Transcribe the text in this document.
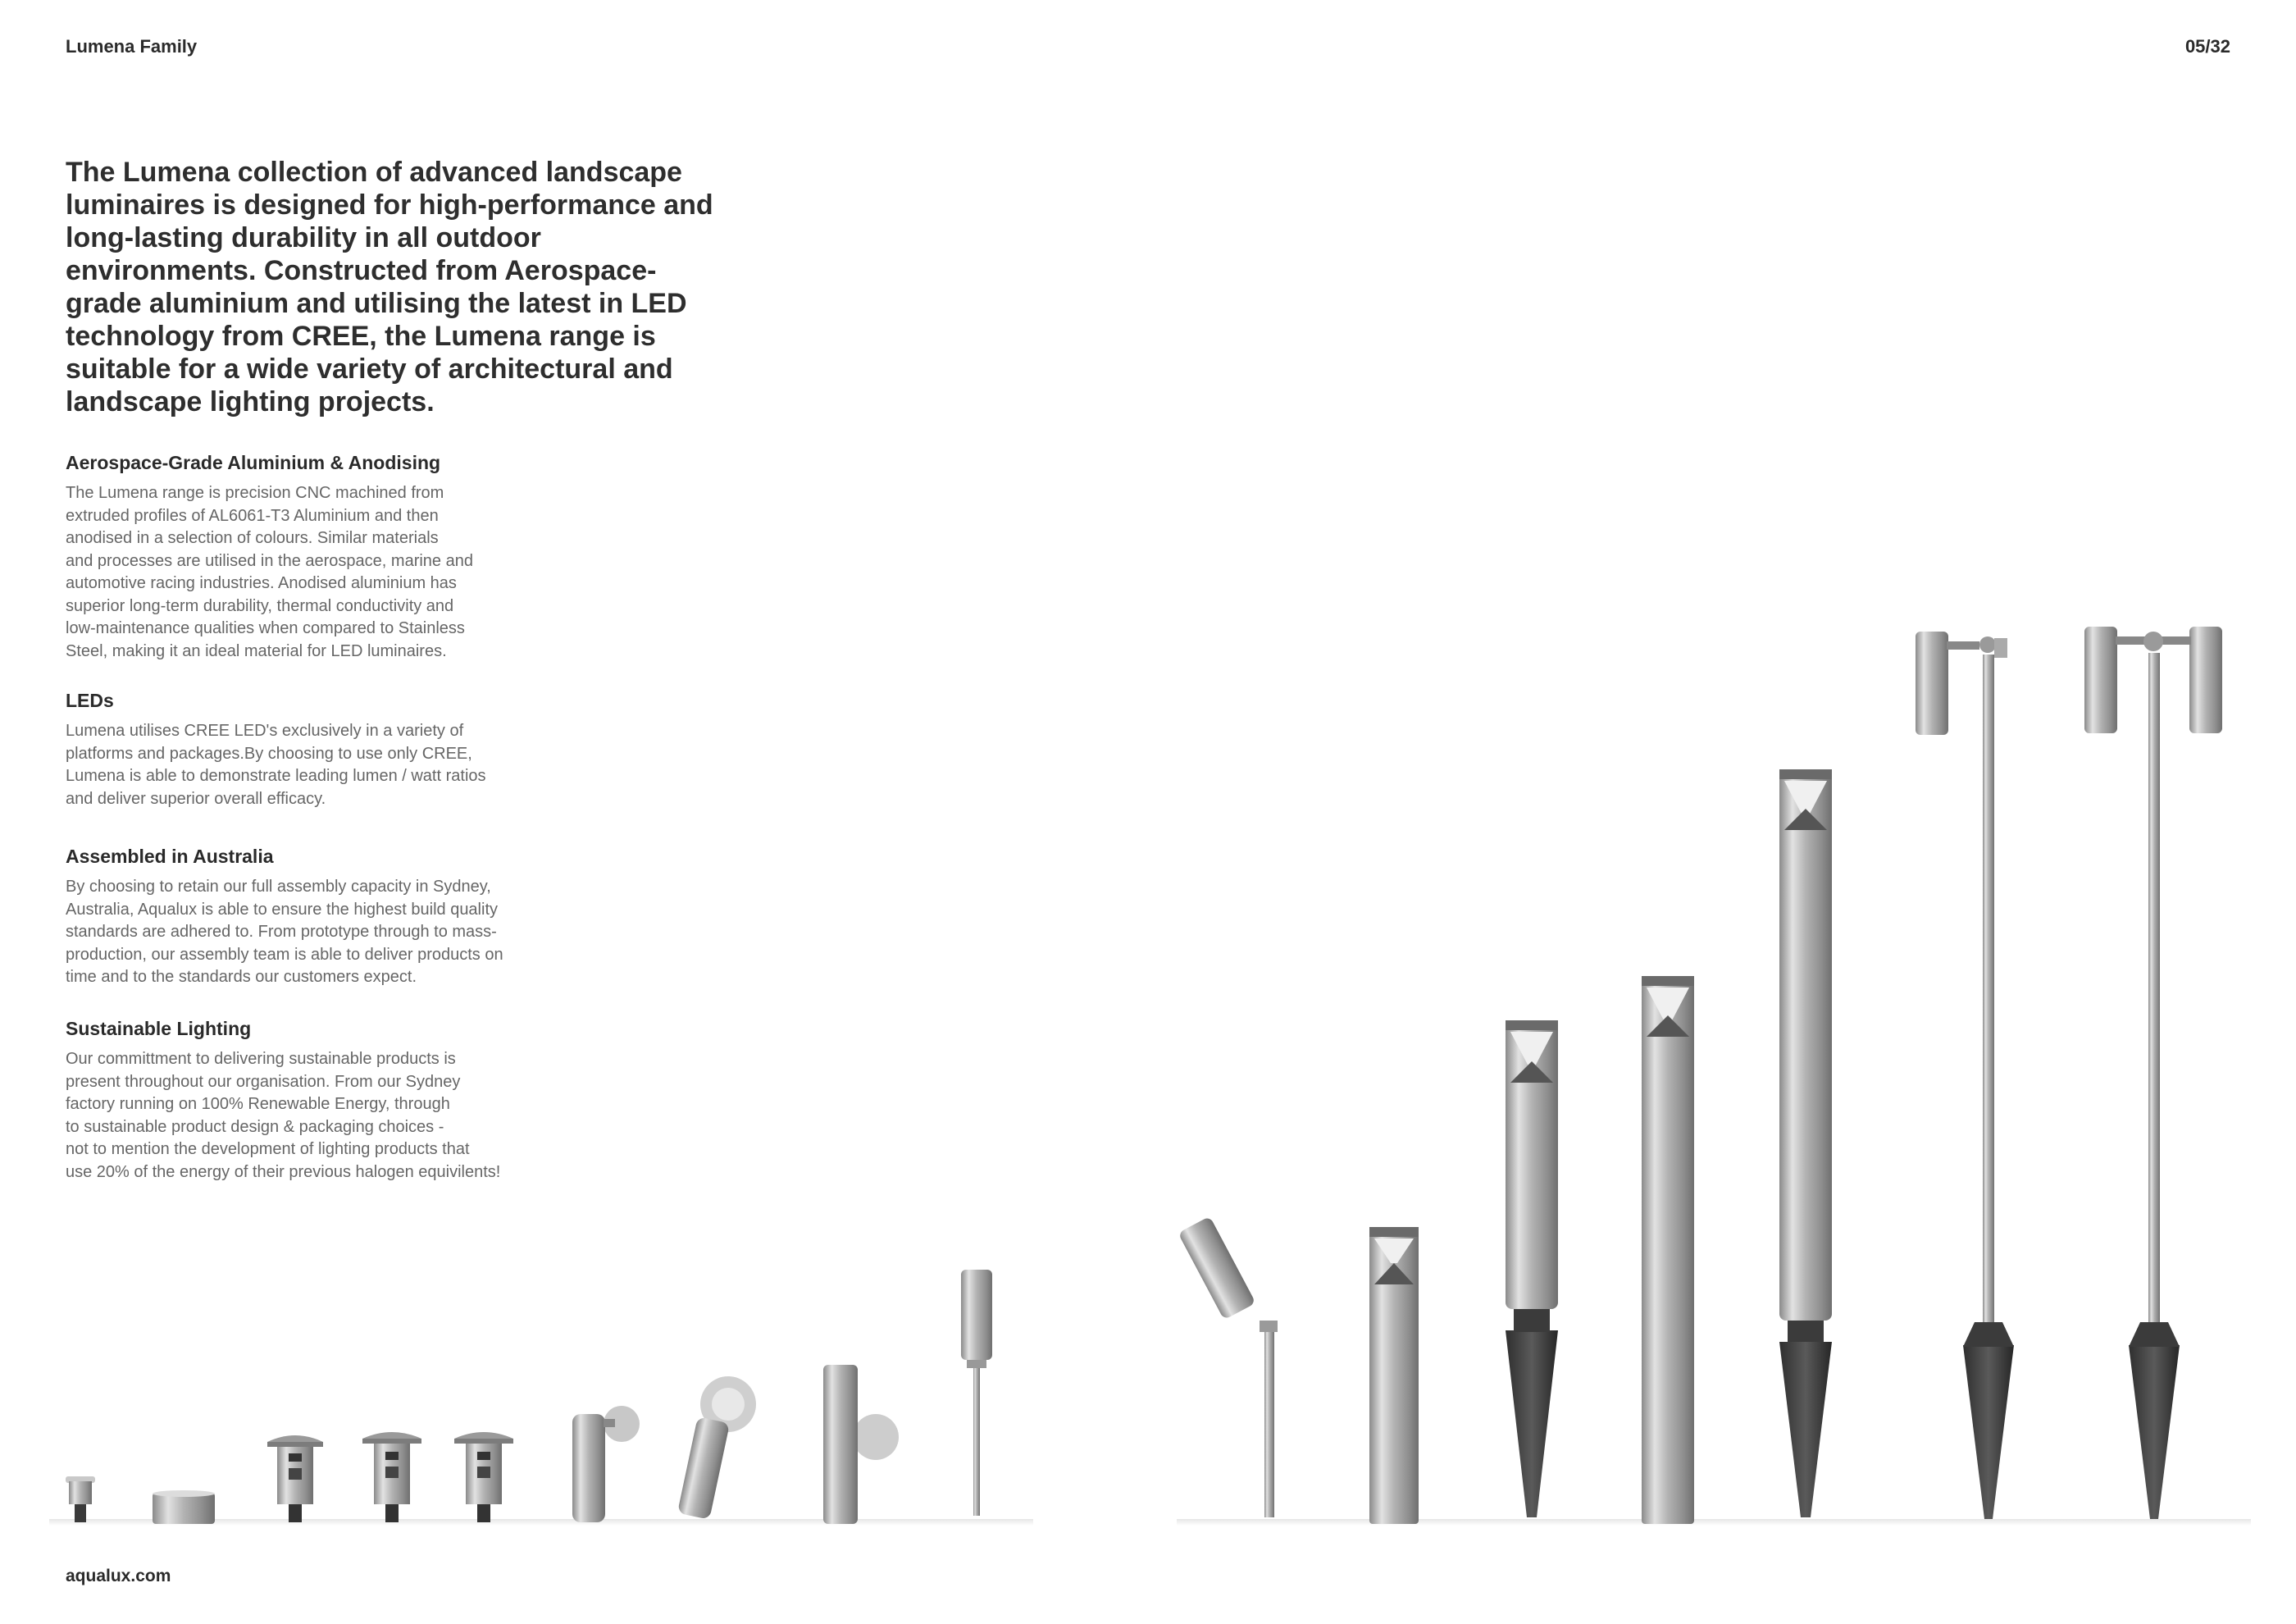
Lumena Family	05/32

The Lumena collection of advanced landscape luminaires is designed for high-performance and long-lasting durability in all outdoor environments. Constructed from Aerospace-grade aluminium and utilising the latest in LED technology from CREE, the Lumena range is suitable for a wide variety of architectural and landscape lighting projects.

Aerospace-Grade Aluminium & Anodising

The Lumena range is precision CNC machined from
extruded profiles of AL6061-T3 Aluminium and then
anodised in a selection of colours. Similar materials
and processes are utilised in the aerospace, marine and
automotive racing industries. Anodised aluminium has
superior long-term durability, thermal conductivity and
low-maintenance qualities when compared to Stainless
Steel, making it an ideal material for LED luminaires.

LEDs

Lumena utilises CREE LED's exclusively in a variety of
platforms and packages.By choosing to use only CREE,
Lumena is able to demonstrate leading lumen / watt ratios
and deliver superior overall efficacy.

Assembled in Australia

By choosing to retain our full assembly capacity in Sydney,
Australia, Aqualux is able to ensure the highest build quality
standards are adhered to. From prototype through to mass-
production, our assembly team is able to deliver products on
time and to the standards our customers expect.

Sustainable Lighting

Our committment to delivering sustainable products is
present throughout our organisation. From our Sydney
factory running on 100% Renewable Energy, through
to sustainable product design & packaging choices -
not to mention the development of lighting products that
use 20% of the energy of their previous halogen equivilents!

aqualux.com
